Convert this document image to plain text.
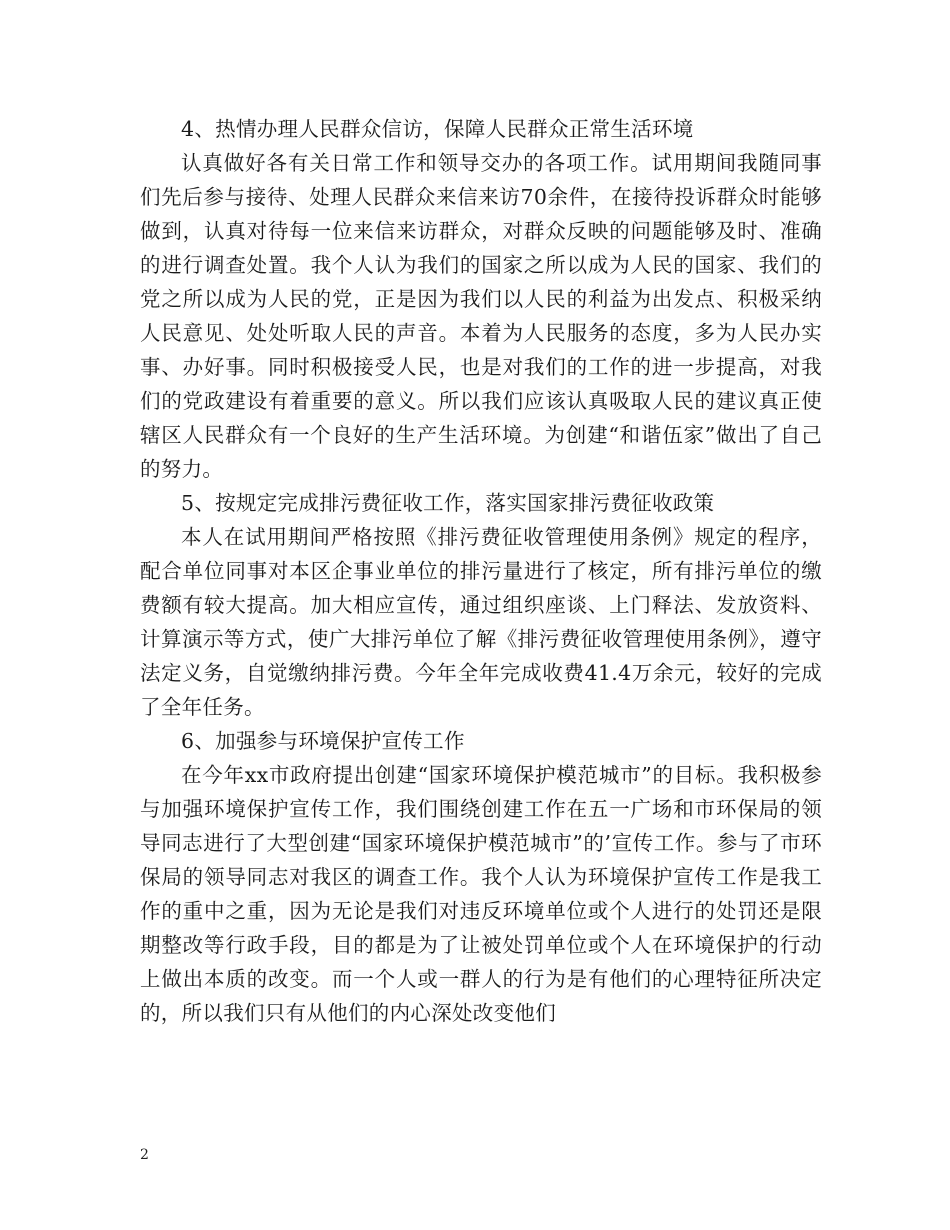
4、热情办理人民群众信访，保障人民群众正常生活环境

认真做好各有关日常工作和领导交办的各项工作。试用期间我随同事们先后参与接待、处理人民群众来信来访70余件，在接待投诉群众时能够做到，认真对待每一位来信来访群众，对群众反映的问题能够及时、准确的进行调查处置。我个人认为我们的国家之所以成为人民的国家、我们的党之所以成为人民的党，正是因为我们以人民的利益为出发点、积极采纳人民意见、处处听取人民的声音。本着为人民服务的态度，多为人民办实事、办好事。同时积极接受人民，也是对我们的工作的进一步提高，对我们的党政建设有着重要的意义。所以我们应该认真吸取人民的建议真正使辖区人民群众有一个良好的生产生活环境。为创建“和谐伍家”做出了自己的努力。

5、按规定完成排污费征收工作，落实国家排污费征收政策

本人在试用期间严格按照《排污费征收管理使用条例》规定的程序，配合单位同事对本区企事业单位的排污量进行了核定，所有排污单位的缴费额有较大提高。加大相应宣传，通过组织座谈、上门释法、发放资料、计算演示等方式，使广大排污单位了解《排污费征收管理使用条例》，遵守法定义务，自觉缴纳排污费。今年全年完成收费41.4万余元，较好的完成了全年任务。

6、加强参与环境保护宣传工作

在今年xx市政府提出创建“国家环境保护模范城市”的目标。我积极参与加强环境保护宣传工作，我们围绕创建工作在五一广场和市环保局的领导同志进行了大型创建“国家环境保护模范城市”的’宣传工作。参与了市环保局的领导同志对我区的调查工作。我个人认为环境保护宣传工作是我工作的重中之重，因为无论是我们对违反环境单位或个人进行的处罚还是限期整改等行政手段，目的都是为了让被处罚单位或个人在环境保护的行动上做出本质的改变。而一个人或一群人的行为是有他们的心理特征所决定的，所以我们只有从他们的内心深处改变他们

2
